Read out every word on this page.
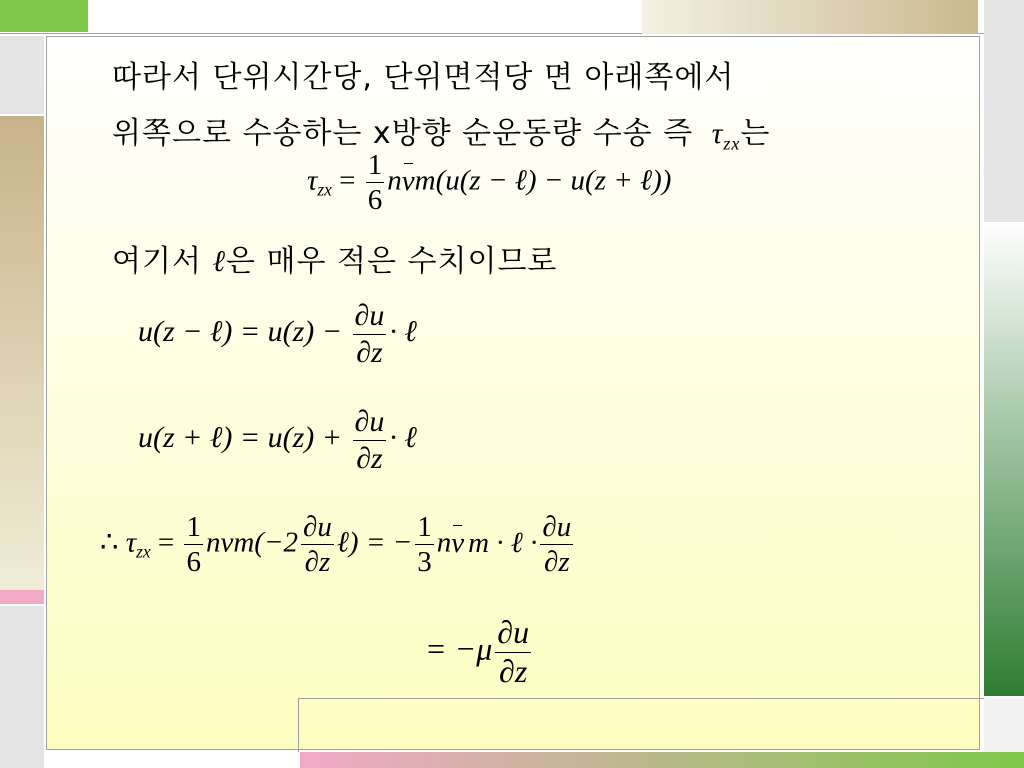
따라서 단위시간당, 단위면적당 면 아래쪽에서
위쪽으로 수송하는 x방향 순운동량 수송 즉 $\tau_{zx}$는
$\tau_{zx} = \frac{1}{6} nvm(u(z$ − ℓ) − u(z + ℓ))
여기서 ℓ은 매우 적은 수치이므로
u(z − ℓ) = $u(z) - \frac{\partial u}{\partial z}$ · ℓ
u(z + ℓ) = $u(z) + \frac{\partial u}{\partial z}$ · ℓ
∴ $\tau_{zx} = \frac{1}{6} nvm(-2 \frac{\partial u}{\partial z}$ ℓ) = − $\frac{1}{3}$ nv m · ℓ · $\frac{\partial u}{\partial z}$
= $-\mu \frac{\partial u}{\partial z}$
